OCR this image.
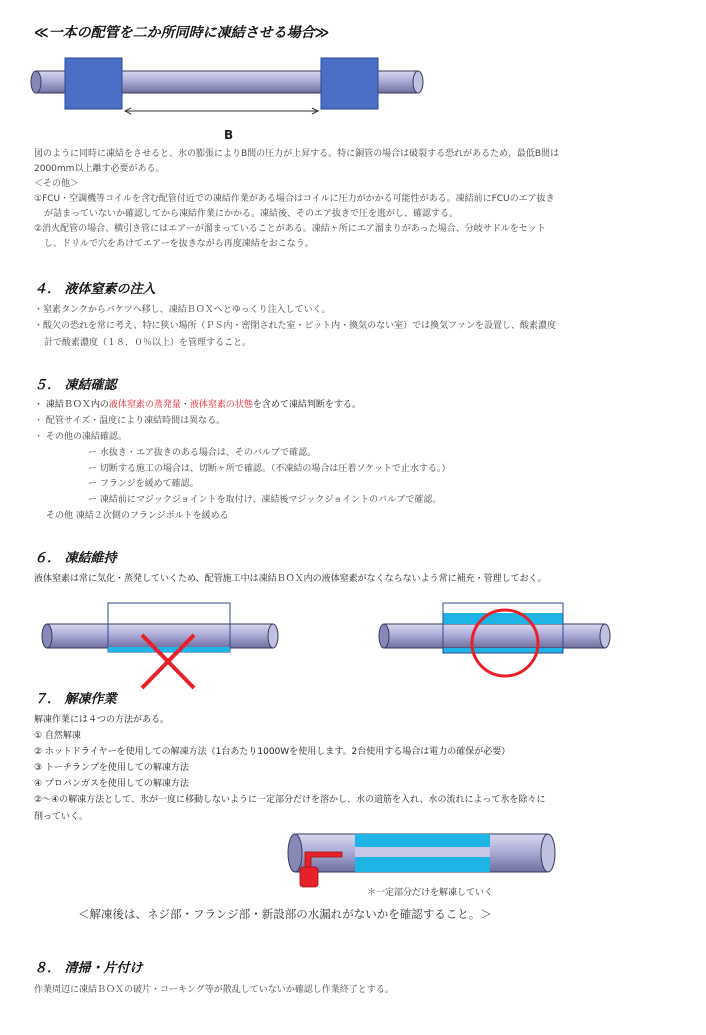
≪一本の配管を二か所同時に凍結させる場合≫
B
図のように同時に凍結をさせると、氷の膨張によりB間の圧力が上昇する。特に銅管の場合は破裂する恐れがあるため、最低B間は
2000mm以上離す必要がある。
＜その他＞
①FCU・空調機等コイルを含む配管付近での凍結作業がある場合はコイルに圧力がかかる可能性がある。凍結前にFCUのエア抜き
が詰まっていないか確認してから凍結作業にかかる。凍結後、そのエア抜きで圧を逃がし、確認する。
②消火配管の場合、横引き管にはエアーが溜まっていることがある。凍結ヶ所にエア溜まりがあった場合、分岐サドルをセット
し、ドリルで穴をあけてエアーを抜きながら再度凍結をおこなう。
４． 液体窒素の注入
・窒素タンクからバケツへ移し、凍結ＢＯＸへとゆっくり注入していく。
・酸欠の恐れを常に考え、特に狭い場所（ＰＳ内・密閉された室・ピット内・換気のない室）では換気ファンを設置し、酸素濃度
計で酸素濃度（１８．０％以上）を管理すること。
５． 凍結確認
・ 凍結ＢＯＸ内の液体窒素の蒸発量・液体窒素の状態を含めて凍結判断をする。
・ 配管サイズ・温度により凍結時間は異なる。
・ その他の凍結確認。
ー 水抜き・エア抜きのある場合は、そのバルブで確認。
ー 切断する施工の場合は、切断ヶ所で確認。（不凍結の場合は圧着ソケットで止水する。）
ー フランジを緩めて確認。
ー 凍結前にマジックジョイントを取付け、凍結後マジックジョイントのバルブで確認。
その他 凍結２次側のフランジボルトを緩める
６． 凍結維持
液体窒素は常に気化・蒸発していくため、配管施工中は凍結ＢＯＸ内の液体窒素がなくならないよう常に補充・管理しておく。
７． 解凍作業
解凍作業には４つの方法がある。
① 自然解凍
② ホットドライヤーを使用しての解凍方法（1台あたり1000Wを使用します。2台使用する場合は電力の確保が必要）
③ トーチランプを使用しての解凍方法
④ プロパンガスを使用しての解凍方法
②～④の解凍方法として、氷が一度に移動しないように一定部分だけを溶かし、水の道筋を入れ、水の流れによって氷を除々に
削っていく。
＊一定部分だけを解凍していく
＜解凍後は、ネジ部・フランジ部・新設部の水漏れがないかを確認すること。＞
８． 清掃・片付け
作業周辺に凍結ＢＯＸの破片・コーキング等が散乱していないか確認し作業終了とする。
